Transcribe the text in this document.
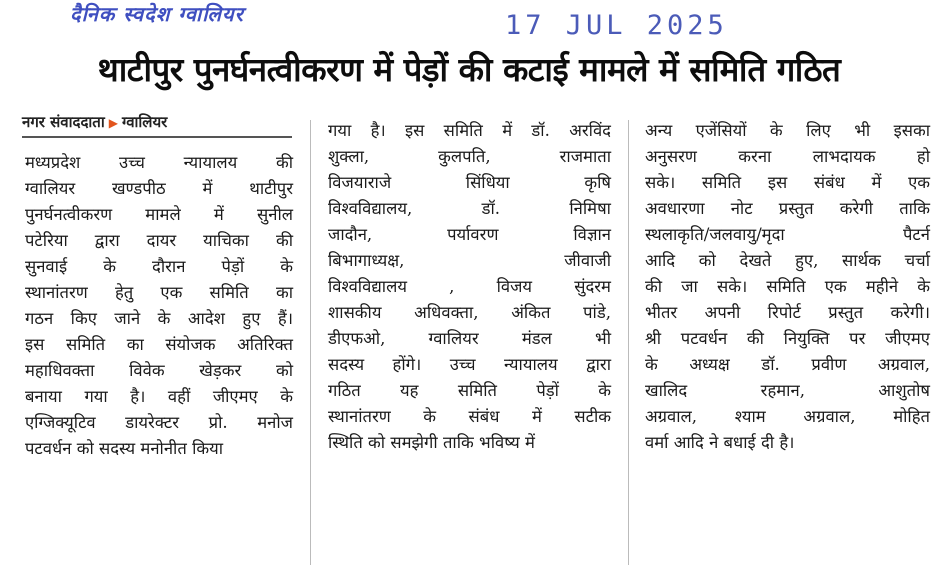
दैनिक स्वदेश ग्वालियर	17 JUL 2025
थाटीपुर पुनर्घनत्वीकरण में पेड़ों की कटाई मामले में समिति गठित
नगर संवाददाता ▶ ग्वालियर
मध्यप्रदेश उच्च न्यायालय की
ग्वालियर खण्डपीठ में थाटीपुर
पुनर्घनत्वीकरण मामले में सुनील
पटेरिया द्वारा दायर याचिका की
सुनवाई के दौरान पेड़ों के
स्थानांतरण हेतु एक समिति का
गठन किए जाने के आदेश हुए हैं।
इस समिति का संयोजक अतिरिक्त
महाधिवक्ता विवेक खेड़कर को
बनाया गया है। वहीं जीएमए के
एग्जिक्यूटिव डायरेक्टर प्रो. मनोज
पटवर्धन को सदस्य मनोनीत किया
गया है। इस समिति में डॉ. अरविंद
शुक्ला, कुलपति, राजमाता
विजयाराजे सिंधिया कृषि
विश्वविद्यालय, डॉ. निमिषा
जादौन, पर्यावरण विज्ञान
बिभागाध्यक्ष, जीवाजी
विश्वविद्यालय , विजय सुंदरम
शासकीय अधिवक्ता, अंकित पांडे,
डीएफओ, ग्वालियर मंडल भी
सदस्य होंगे। उच्च न्यायालय द्वारा
गठित यह समिति पेड़ों के
स्थानांतरण के संबंध में सटीक
स्थिति को समझेगी ताकि भविष्य में
अन्य एजेंसियों के लिए भी इसका
अनुसरण करना लाभदायक हो
सके। समिति इस संबंध में एक
अवधारणा नोट प्रस्तुत करेगी ताकि
स्थलाकृति/जलवायु/मृदा पैटर्न
आदि को देखते हुए, सार्थक चर्चा
की जा सके। समिति एक महीने के
भीतर अपनी रिपोर्ट प्रस्तुत करेगी।
श्री पटवर्धन की नियुक्ति पर जीएमए
के अध्यक्ष डॉ. प्रवीण अग्रवाल,
खालिद रहमान, आशुतोष
अग्रवाल, श्याम अग्रवाल, मोहित
वर्मा आदि ने बधाई दी है।
